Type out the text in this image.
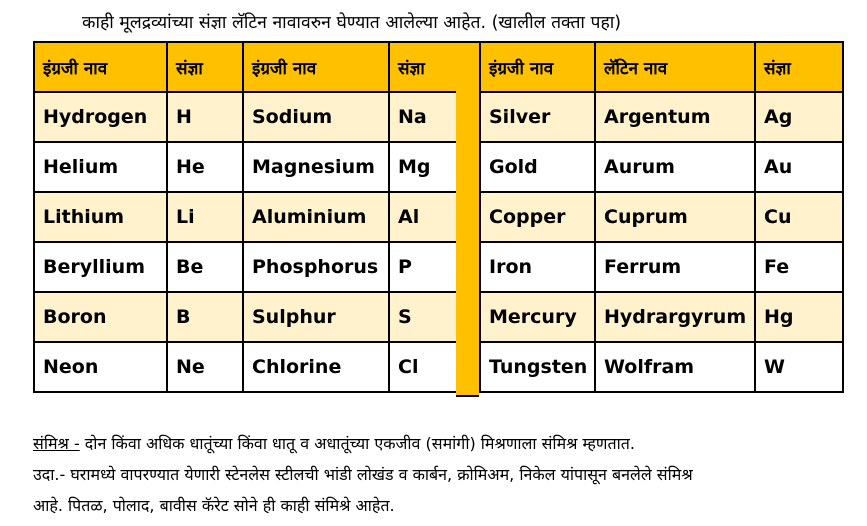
काही मूलद्रव्यांच्या संज्ञा लॅटिन नावावरुन घेण्यात आलेल्या आहेत. (खालील तक्ता पहा)
इंग्रजी नाव	संज्ञा	इंग्रजी नाव	संज्ञा
Hydrogen	H	Sodium	Na
Helium	He	Magnesium	Mg
Lithium	Li	Aluminium	Al
Beryllium	Be	Phosphorus	P
Boron	B	Sulphur	S
Neon	Ne	Chlorine	Cl
इंग्रजी नाव	लॅटिन नाव	संज्ञा
Silver	Argentum	Ag
Gold	Aurum	Au
Copper	Cuprum	Cu
Iron	Ferrum	Fe
Mercury	Hydrargyrum	Hg
Tungsten	Wolfram	W
संमिश्र - दोन किंवा अधिक धातूंच्या किंवा धातू व अधातूंच्या एकजीव (समांगी) मिश्रणाला संमिश्र म्हणतात.
उदा.- घरामध्ये वापरण्यात येणारी स्टेनलेस स्टीलची भांडी लोखंड व कार्बन, क्रोमिअम, निकेल यांपासून बनलेले संमिश्र
आहे. पितळ, पोलाद, बावीस कॅरेट सोने ही काही संमिश्रे आहेत.
